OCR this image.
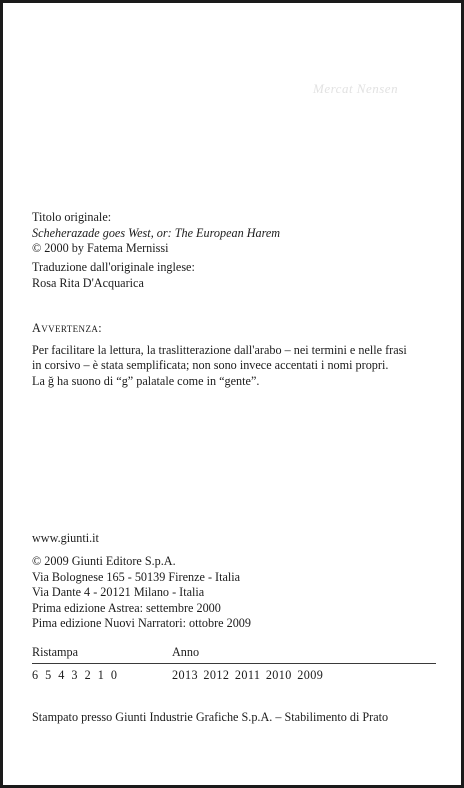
Mercat Nensen
Titolo originale:
Scheherazade goes West, or: The European Harem
© 2000 by Fatema Mernissi
Traduzione dall'originale inglese:
Rosa Rita D'Acquarica
Avvertenza:
Per facilitare la lettura, la traslitterazione dall'arabo – nei termini e nelle frasi
in corsivo – è stata semplificata; non sono invece accentati i nomi propri.
La ğ ha suono di “g” palatale come in “gente”.
www.giunti.it
© 2009 Giunti Editore S.p.A.
Via Bolognese 165 - 50139 Firenze - Italia
Via Dante 4 - 20121 Milano - Italia
Prima edizione Astrea: settembre 2000
Pima edizione Nuovi Narratori: ottobre 2009
Ristampa	Anno
6 5 4 3 2 1 0	2013 2012 2011 2010 2009
Stampato presso Giunti Industrie Grafiche S.p.A. – Stabilimento di Prato
